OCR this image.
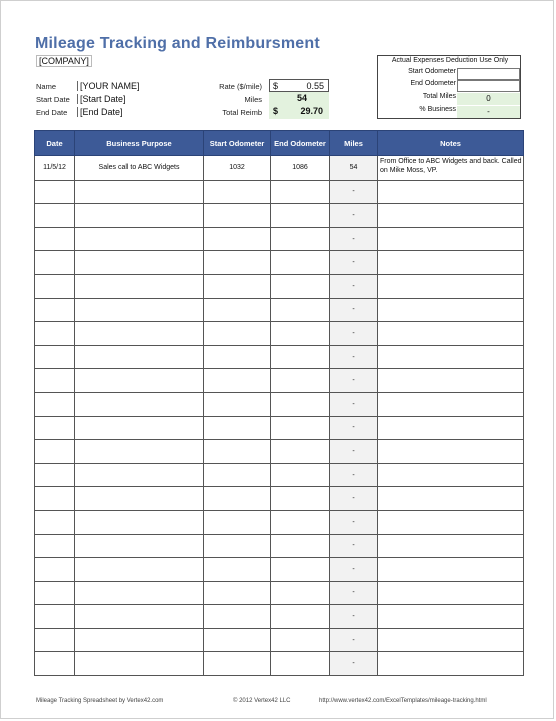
Mileage Tracking and Reimbursment
[COMPANY]
Name	[YOUR NAME]
Start Date	[Start Date]
End Date	[End Date]
Rate ($/mile) $	0.55
Miles	54
Total Reimb $ 29.70
Actual Expenses Deduction Use Only
Start Odometer
End Odometer
Total Miles	0
% Business	-
Date	Business Purpose	Start Odometer	End Odometer	Miles	Notes
11/5/12	Sales call to ABC Widgets	1032	1086	54	From Office to ABC Widgets and back. Called on Mike Moss, VP.
				-	
				-	
				-	
				-	
				-	
				-	
				-	
				-	
				-	
				-	
				-	
				-	
				-	
				-	
				-	
				-	
				-	
				-	
				-	
				-	
				-	
Mileage Tracking Spreadsheet by Vertex42.com	© 2012 Vertex42 LLC	http://www.vertex42.com/ExcelTemplates/mileage-tracking.html
